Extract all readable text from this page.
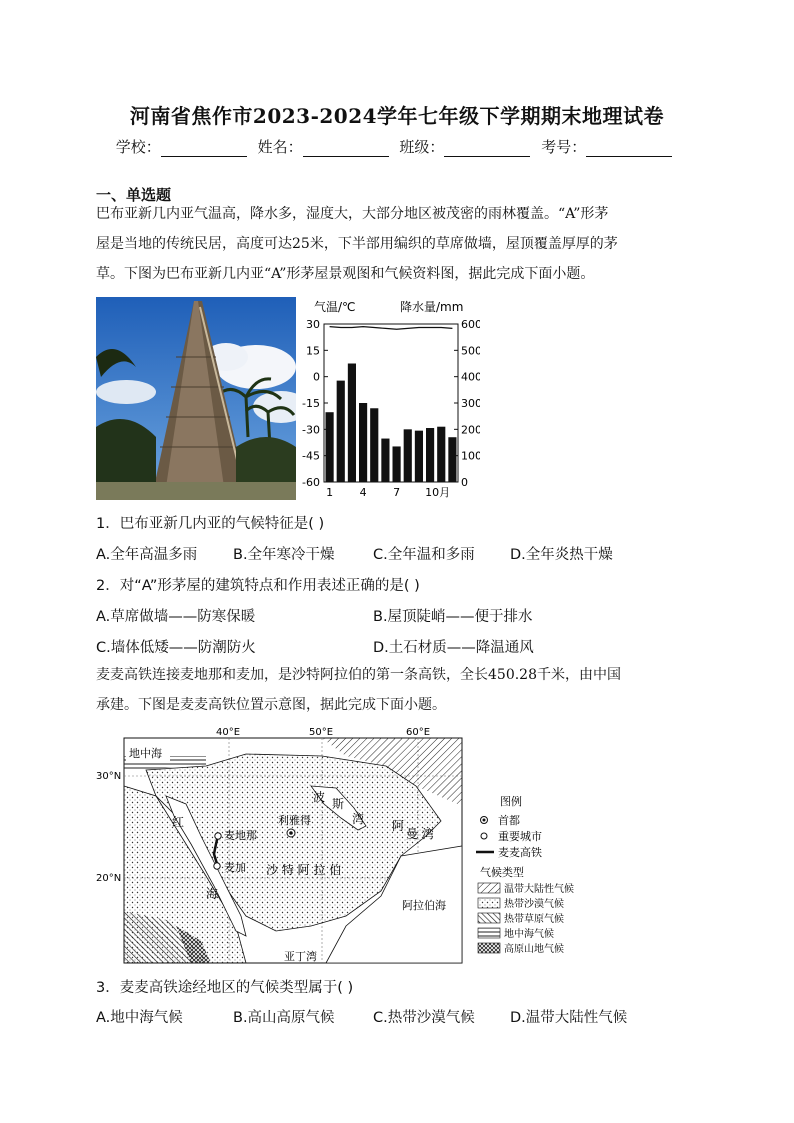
河南省焦作市2023-2024学年七年级下学期期末地理试卷
学校：	姓名：	班级：	考号：
一、单选题
巴布亚新几内亚气温高，降水多，湿度大，大部分地区被茂密的雨林覆盖。“A”形茅
屋是当地的传统民居，高度可达25米，下半部用编织的草席做墙，屋顶覆盖厚厚的茅
草。下图为巴布亚新几内亚“A”形茅屋景观图和气候资料图，据此完成下面小题。
气温/℃	降水量/mm
30
15
0
-15
-30
-45
-60
600
500
400
300
200
100
0
1 4 7 10月
1．巴布亚新几内亚的气候特征是( )
A.全年高温多雨 B.全年寒冷干燥	C.全年温和多雨 D.全年炎热干燥
2．对“A”形茅屋的建筑特点和作用表述正确的是( )
A.草席做墙——防寒保暖	B.屋顶陡峭——便于排水
C.墙体低矮——防潮防火	D.土石材质——降温通风
麦麦高铁连接麦地那和麦加，是沙特阿拉伯的第一条高铁，全长450.28千米，由中国
承建。下图是麦麦高铁位置示意图，据此完成下面小题。
40°E	50°E	60°E
30°N
20°N
地中海
红
海
波 斯
湾 阿
曼 湾
利雅得
麦地那
麦加 沙 特 阿 拉 伯
阿拉伯海
亚丁湾
图例
首都
重要城市
麦麦高铁
气候类型
温带大陆性气候
热带沙漠气候
热带草原气候
地中海气候
高原山地气候
3．麦麦高铁途经地区的气候类型属于( )
A.地中海气候	B.高山高原气候	C.热带沙漠气候 D.温带大陆性气候
